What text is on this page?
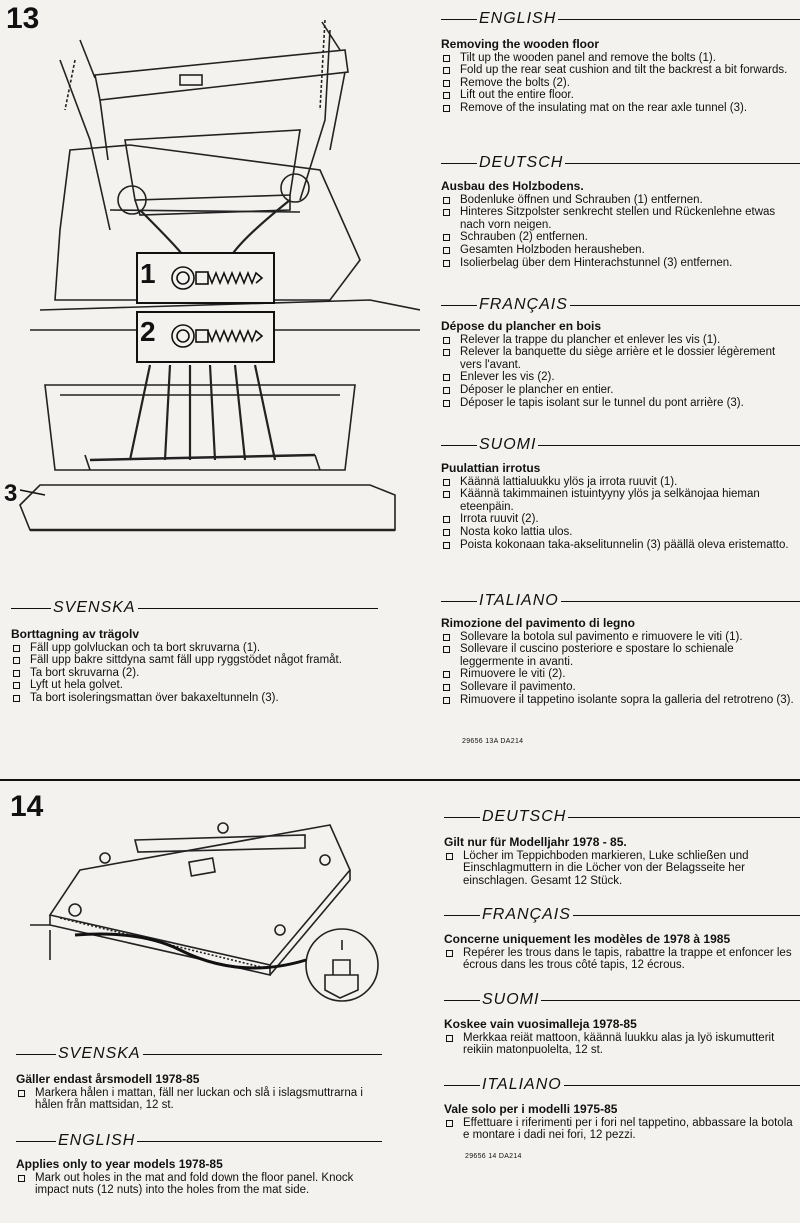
13
1
2
3
ENGLISH
Removing the wooden floor
Tilt up the wooden panel and remove the bolts (1).
Fold up the rear seat cushion and tilt the backrest a bit forwards.
Remove the bolts (2).
Lift out the entire floor.
Remove of the insulating mat on the rear axle tunnel (3).
DEUTSCH
Ausbau des Holzbodens.
Bodenluke öffnen und Schrauben (1) entfernen.
Hinteres Sitzpolster senkrecht stellen und Rückenlehne etwas nach vorn neigen.
Schrauben (2) entfernen.
Gesamten Holzboden herausheben.
Isolierbelag über dem Hinterachstunnel (3) entfernen.
FRANÇAIS
Dépose du plancher en bois
Relever la trappe du plancher et enlever les vis (1).
Relever la banquette du siège arrière et le dossier légèrement vers l'avant.
Enlever les vis (2).
Déposer le plancher en entier.
Déposer le tapis isolant sur le tunnel du pont arrière (3).
SUOMI
Puulattian irrotus
Käännä lattialuukku ylös ja irrota ruuvit (1).
Käännä takimmainen istuintyyny ylös ja selkänojaa hieman eteenpäin.
Irrota ruuvit (2).
Nosta koko lattia ulos.
Poista kokonaan taka-akselitunnelin (3) päällä oleva eristematto.
ITALIANO
Rimozione del pavimento di legno
Sollevare la botola sul pavimento e rimuovere le viti (1).
Sollevare il cuscino posteriore e spostare lo schienale leggermente in avanti.
Rimuovere le viti (2).
Sollevare il pavimento.
Rimuovere il tappetino isolante sopra la galleria del retrotreno (3).
29656 13A DA214
SVENSKA
Borttagning av trägolv
Fäll upp golvluckan och ta bort skruvarna (1).
Fäll upp bakre sittdyna samt fäll upp ryggstödet något framåt.
Ta bort skruvarna (2).
Lyft ut hela golvet.
Ta bort isoleringsmattan över bakaxeltunneln (3).
14	DEUTSCH
Gilt nur für Modelljahr 1978 - 85.
Löcher im Teppichboden markieren, Luke schließen und Einschlagmuttern in die Löcher von der Belagsseite her einschlagen. Gesamt 12 Stück.
FRANÇAIS
Concerne uniquement les modèles de 1978 à 1985
Repérer les trous dans le tapis, rabattre la trappe et enfoncer les écrous dans les trous côté tapis, 12 écrous.
SUOMI
Koskee vain vuosimalleja 1978-85
Merkkaa reiät mattoon, käännä luukku alas ja lyö iskumutterit reikiin matonpuolelta, 12 st.
ITALIANO
Vale solo per i modelli 1975-85
Effettuare i riferimenti per i fori nel tappetino, abbassare la botola e montare i dadi nei fori, 12 pezzi.
29656 14 DA214
SVENSKA
Gäller endast årsmodell 1978-85
Markera hålen i mattan, fäll ner luckan och slå i islagsmuttrarna i hålen från mattsidan, 12 st.
ENGLISH
Applies only to year models 1978-85
Mark out holes in the mat and fold down the floor panel. Knock impact nuts (12 nuts) into the holes from the mat side.
